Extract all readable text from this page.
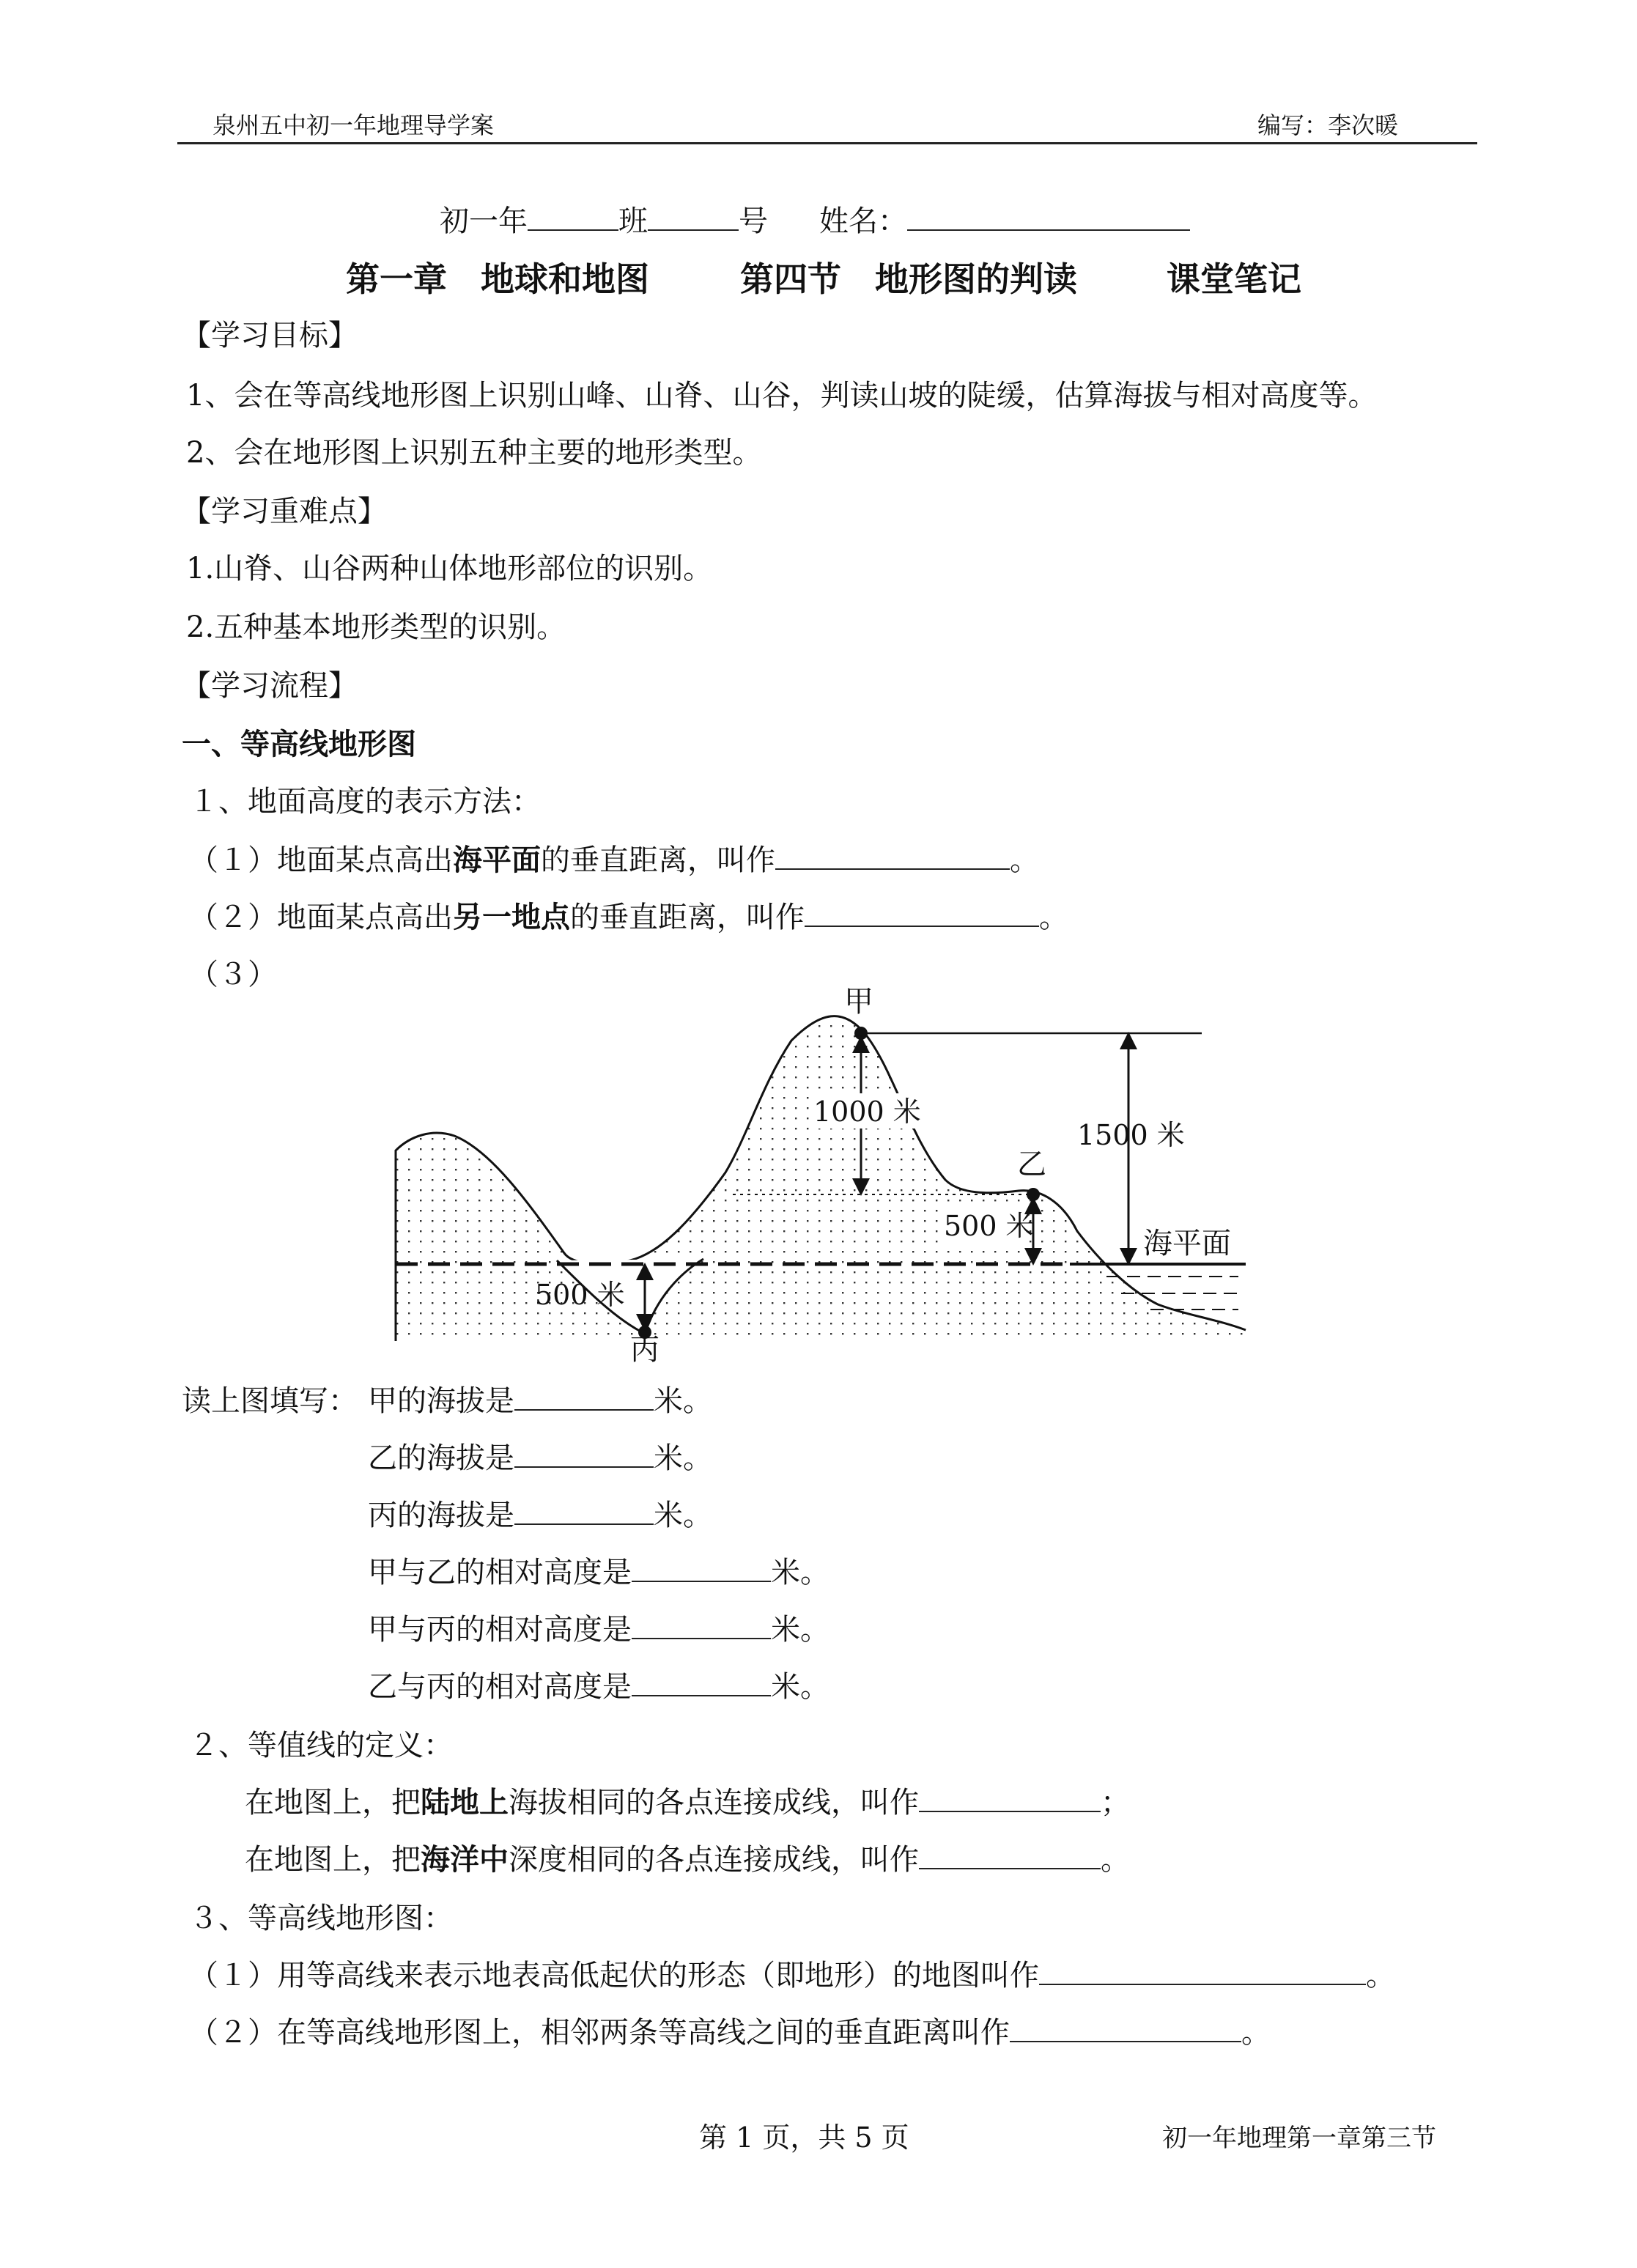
泉州五中初一年地理导学案	编写：李次暖
初一年	班	号 姓名：
第一章　地球和地图	第四节　地形图的判读	课堂笔记
【学习目标】
1、会在等高线地形图上识别山峰、山脊、山谷，判读山坡的陡缓，估算海拔与相对高度等。
2、会在地形图上识别五种主要的地形类型。
【学习重难点】
1.山脊、山谷两种山体地形部位的识别。
2.五种基本地形类型的识别。
【学习流程】
一、等高线地形图
１、地面高度的表示方法：
（１）地面某点高出海平面的垂直距离，叫作	。
（２）地面某点高出另一地点的垂直距离，叫作	。
（３）
1000 米
500 米
1500 米
海平面
500 米
甲
乙
丙
读上图填写： 甲的海拔是	米。
乙的海拔是	米。
丙的海拔是	米。
甲与乙的相对高度是	米。
甲与丙的相对高度是	米。
乙与丙的相对高度是	米。
２、等值线的定义：
在地图上，把陆地上海拔相同的各点连接成线，叫作	；
在地图上，把海洋中深度相同的各点连接成线，叫作	。
３、等高线地形图：
（１）用等高线来表示地表高低起伏的形态（即地形）的地图叫作	。
（２）在等高线地形图上，相邻两条等高线之间的垂直距离叫作	。
第 1 页，共 5 页	初一年地理第一章第三节
